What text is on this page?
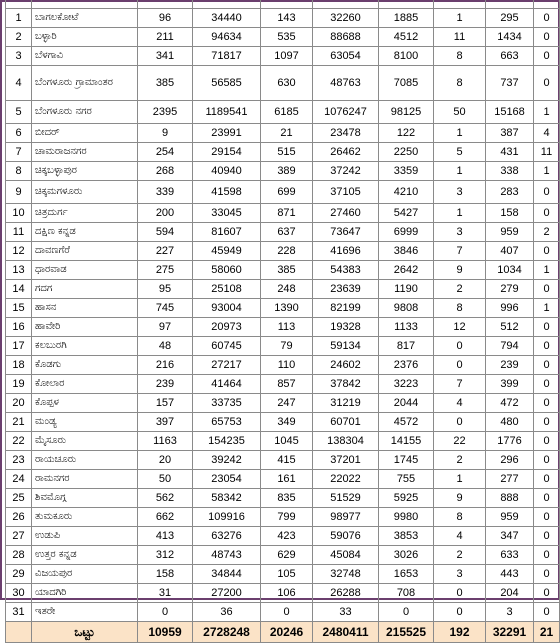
1	ಬಾಗಲಕೋಟೆ	96	34440	143	32260	1885	1	295	0
2	ಬಳ್ಳಾರಿ	211	94634	535	88688	4512	11	1434	0
3	ಬೆಳಗಾವಿ	341	71817	1097	63054	8100	8	663	0
4	ಬೆಂಗಳೂರು ಗ್ರಾಮಾಂತರ	385	56585	630	48763	7085	8	737	0
5	ಬೆಂಗಳೂರು ನಗರ	2395	1189541	6185	1076247	98125	50	15168	1
6	ಬೀದರ್	9	23991	21	23478	122	1	387	4
7	ಚಾಮರಾಜನಗರ	254	29154	515	26462	2250	5	431	11
8	ಚಿಕ್ಕಬಳ್ಳಾಪುರ	268	40940	389	37242	3359	1	338	1
9	ಚಿಕ್ಕಮಗಳೂರು	339	41598	699	37105	4210	3	283	0
10	ಚಿತ್ರದುರ್ಗ	200	33045	871	27460	5427	1	158	0
11	ದಕ್ಷಿಣ ಕನ್ನಡ	594	81607	637	73647	6999	3	959	2
12	ದಾವಣಗೆರೆ	227	45949	228	41696	3846	7	407	0
13	ಧಾರವಾಡ	275	58060	385	54383	2642	9	1034	1
14	ಗದಗ	95	25108	248	23639	1190	2	279	0
15	ಹಾಸನ	745	93004	1390	82199	9808	8	996	1
16	ಹಾವೇರಿ	97	20973	113	19328	1133	12	512	0
17	ಕಲಬುರಗಿ	48	60745	79	59134	817	0	794	0
18	ಕೊಡಗು	216	27217	110	24602	2376	0	239	0
19	ಕೋಲಾರ	239	41464	857	37842	3223	7	399	0
20	ಕೊಪ್ಪಳ	157	33735	247	31219	2044	4	472	0
21	ಮಂಡ್ಯ	397	65753	349	60701	4572	0	480	0
22	ಮೈಸೂರು	1163	154235	1045	138304	14155	22	1776	0
23	ರಾಯಚೂರು	20	39242	415	37201	1745	2	296	0
24	ರಾಮನಗರ	50	23054	161	22022	755	1	277	0
25	ಶಿವಮೊಗ್ಗ	562	58342	835	51529	5925	9	888	0
26	ತುಮಕೂರು	662	109916	799	98977	9980	8	959	0
27	ಉಡುಪಿ	413	63276	423	59076	3853	4	347	0
28	ಉತ್ತರ ಕನ್ನಡ	312	48743	629	45084	3026	2	633	0
29	ವಿಜಯಪುರ	158	34844	105	32748	1653	3	443	0
30	ಯಾದಗಿರಿ	31	27200	106	26288	708	0	204	0
31	ಇತರೇ	0	36	0	33	0	0	3	0
	ಒಟ್ಟು	10959	2728248	20246	2480411	215525	192	32291	21
